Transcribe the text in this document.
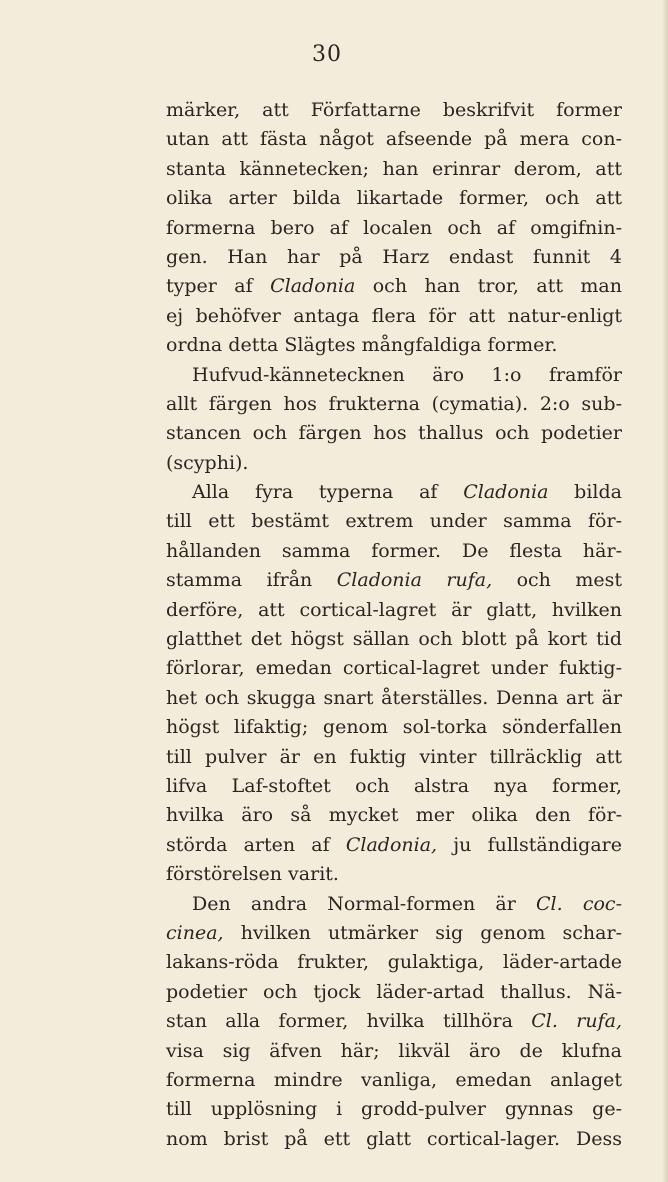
30
märker, att Författarne beskrifvit former
utan att fästa något afseende på mera con-
stanta kännetecken; han erinrar derom, att
olika arter bilda likartade former, och att
formerna bero af localen och af omgifnin-
gen. Han har på Harz endast funnit 4
typer af Cladonia och han tror, att man
ej behöfver antaga flera för att natur-enligt
ordna detta Slägtes mångfaldiga former.
Hufvud-kännetecknen äro 1:o framför
allt färgen hos frukterna (cymatia). 2:o sub-
stancen och färgen hos thallus och podetier
(scyphi).
Alla fyra typerna af Cladonia bilda
till ett bestämt extrem under samma för-
hållanden samma former. De flesta här-
stamma ifrån Cladonia rufa, och mest
derföre, att cortical-lagret är glatt, hvilken
glatthet det högst sällan och blott på kort tid
förlorar, emedan cortical-lagret under fuktig-
het och skugga snart återställes. Denna art är
högst lifaktig; genom sol-torka sönderfallen
till pulver är en fuktig vinter tillräcklig att
lifva Laf-stoftet och alstra nya former,
hvilka äro så mycket mer olika den för-
störda arten af Cladonia, ju fullständigare
förstörelsen varit.
Den andra Normal-formen är Cl. coc-
cinea, hvilken utmärker sig genom schar-
lakans-röda frukter, gulaktiga, läder-artade
podetier och tjock läder-artad thallus. Nä-
stan alla former, hvilka tillhöra Cl. rufa,
visa sig äfven här; likväl äro de klufna
formerna mindre vanliga, emedan anlaget
till upplösning i grodd-pulver gynnas ge-
nom brist på ett glatt cortical-lager. Dess
